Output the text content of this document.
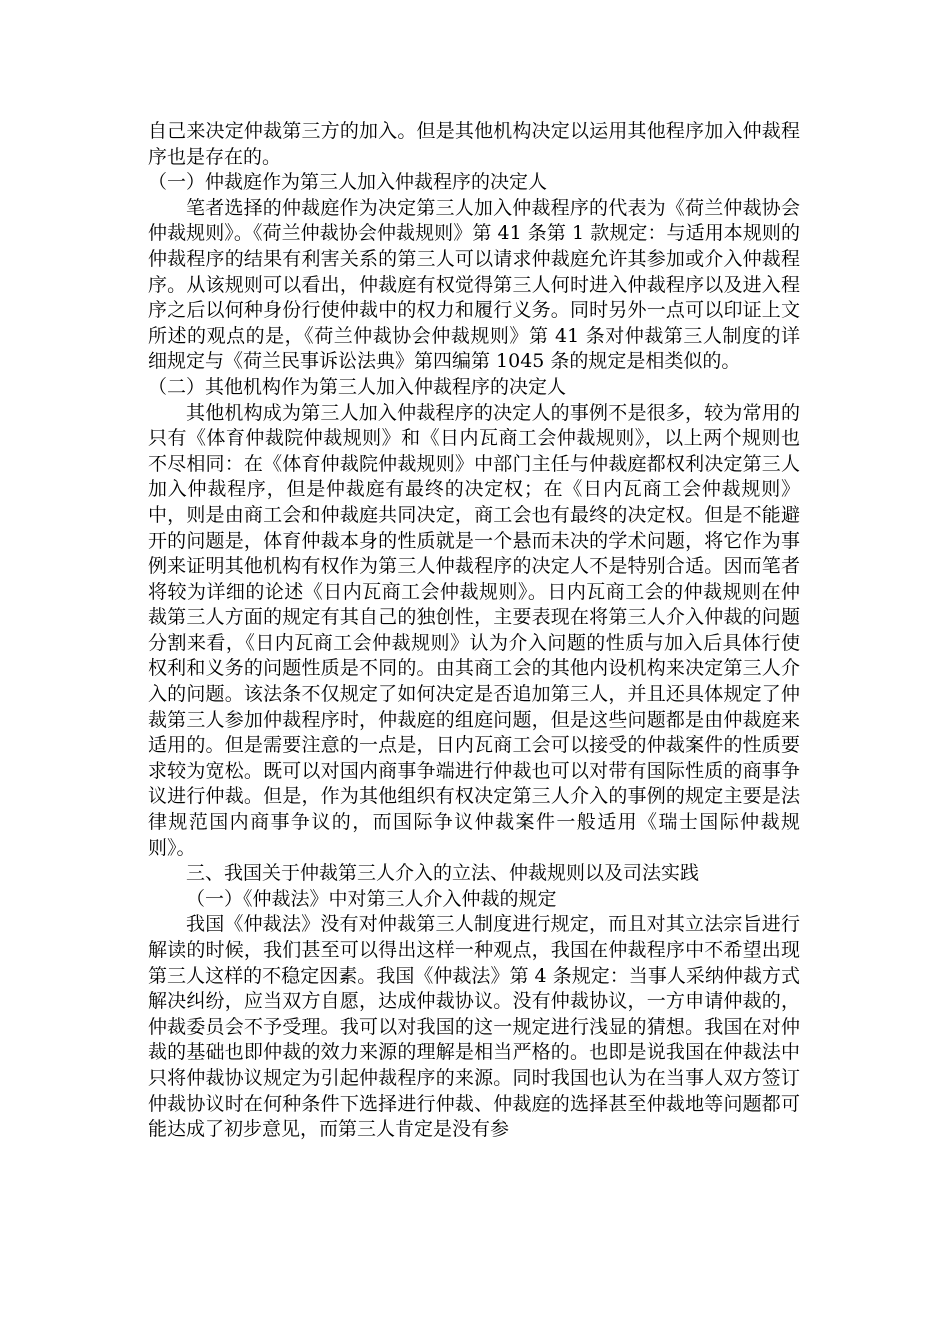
自己来决定仲裁第三方的加入。但是其他机构决定以运用其他程序加入仲裁程序也是存在的。

（一）仲裁庭作为第三人加入仲裁程序的决定人

笔者选择的仲裁庭作为决定第三人加入仲裁程序的代表为《荷兰仲裁协会仲裁规则》。《荷兰仲裁协会仲裁规则》第 41 条第 1 款规定：与适用本规则的仲裁程序的结果有利害关系的第三人可以请求仲裁庭允许其参加或介入仲裁程序。从该规则可以看出，仲裁庭有权觉得第三人何时进入仲裁程序以及进入程序之后以何种身份行使仲裁中的权力和履行义务。同时另外一点可以印证上文所述的观点的是，《荷兰仲裁协会仲裁规则》第 41 条对仲裁第三人制度的详细规定与《荷兰民事诉讼法典》第四编第 1045 条的规定是相类似的。

（二）其他机构作为第三人加入仲裁程序的决定人

其他机构成为第三人加入仲裁程序的决定人的事例不是很多，较为常用的只有《体育仲裁院仲裁规则》和《日内瓦商工会仲裁规则》，以上两个规则也不尽相同：在《体育仲裁院仲裁规则》中部门主任与仲裁庭都权利决定第三人加入仲裁程序，但是仲裁庭有最终的决定权；在《日内瓦商工会仲裁规则》中，则是由商工会和仲裁庭共同决定，商工会也有最终的决定权。但是不能避开的问题是，体育仲裁本身的性质就是一个悬而未决的学术问题，将它作为事例来证明其他机构有权作为第三人仲裁程序的决定人不是特别合适。因而笔者将较为详细的论述《日内瓦商工会仲裁规则》。日内瓦商工会的仲裁规则在仲裁第三人方面的规定有其自己的独创性，主要表现在将第三人介入仲裁的问题分割来看，《日内瓦商工会仲裁规则》认为介入问题的性质与加入后具体行使权利和义务的问题性质是不同的。由其商工会的其他内设机构来决定第三人介入的问题。该法条不仅规定了如何决定是否追加第三人，并且还具体规定了仲裁第三人参加仲裁程序时，仲裁庭的组庭问题，但是这些问题都是由仲裁庭来适用的。但是需要注意的一点是，日内瓦商工会可以接受的仲裁案件的性质要求较为宽松。既可以对国内商事争端进行仲裁也可以对带有国际性质的商事争议进行仲裁。但是，作为其他组织有权决定第三人介入的事例的规定主要是法律规范国内商事争议的，而国际争议仲裁案件一般适用《瑞士国际仲裁规则》。

三、我国关于仲裁第三人介入的立法、仲裁规则以及司法实践

（一）《仲裁法》中对第三人介入仲裁的规定

我国《仲裁法》没有对仲裁第三人制度进行规定，而且对其立法宗旨进行解读的时候，我们甚至可以得出这样一种观点，我国在仲裁程序中不希望出现第三人这样的不稳定因素。我国《仲裁法》第 4 条规定：当事人采纳仲裁方式解决纠纷，应当双方自愿，达成仲裁协议。没有仲裁协议，一方申请仲裁的，仲裁委员会不予受理。我可以对我国的这一规定进行浅显的猜想。我国在对仲裁的基础也即仲裁的效力来源的理解是相当严格的。也即是说我国在仲裁法中只将仲裁协议规定为引起仲裁程序的来源。同时我国也认为在当事人双方签订仲裁协议时在何种条件下选择进行仲裁、仲裁庭的选择甚至仲裁地等问题都可能达成了初步意见，而第三人肯定是没有参
